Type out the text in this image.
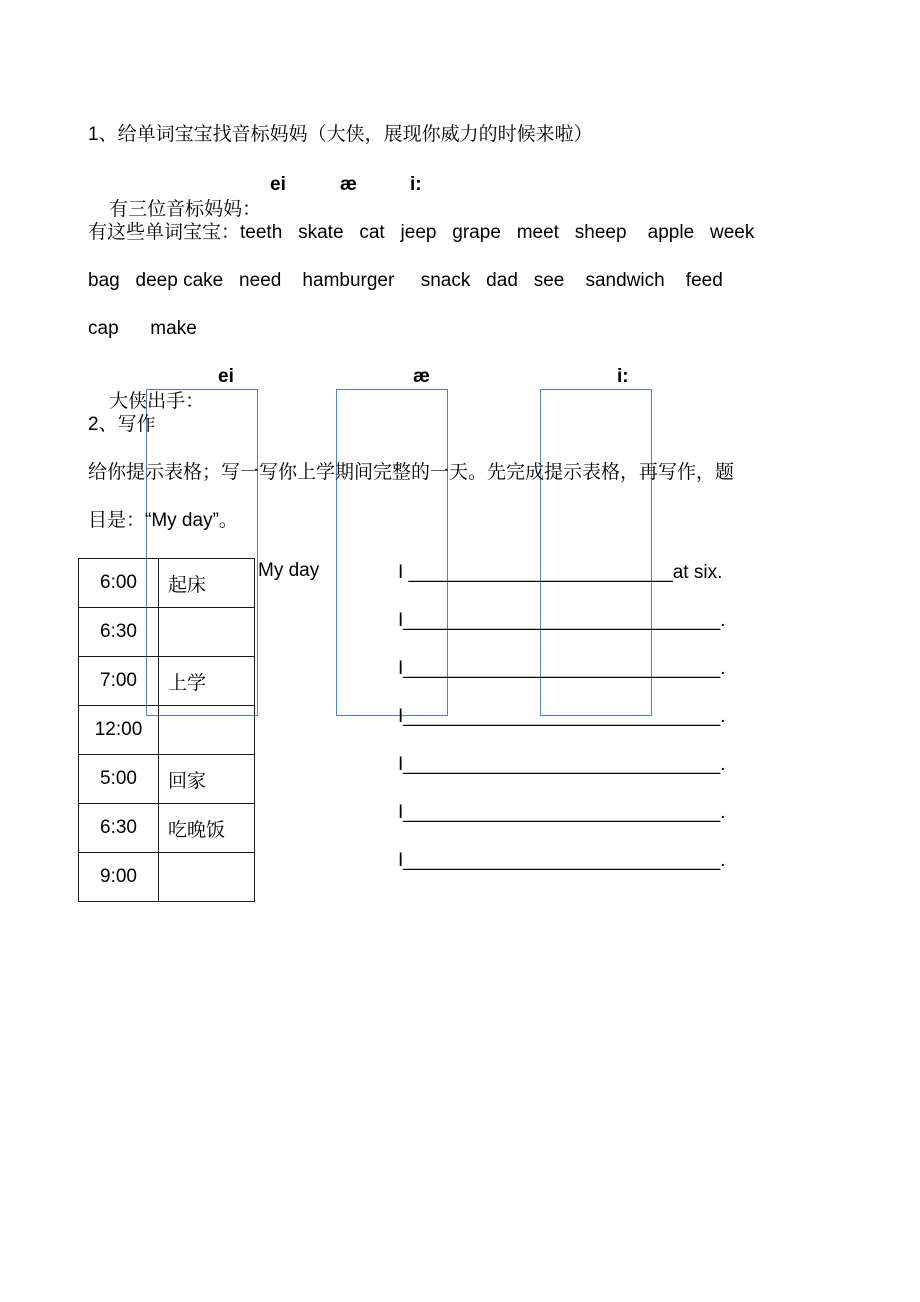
1、给单词宝宝找音标妈妈（大侠，展现你威力的时候来啦）

有三位音标妈妈：

ei

	æ

	i:

有这些单词宝宝：teeth   skate   cat   jeep   grape   meet   sheep    apple   week
bag   deep cake   need    hamburger     snack   dad   see    sandwich    feed
cap      make

大侠出手：

ei

	æ

	i:

2、写作
给你提示表格；写一写你上学期间完整的一天。先完成提示表格，再写作，题
目是：“My day”。
6:00	起床
6:30	
7:00	上学
12:00	
5:00	回家
6:30	吃晚饭
9:00	
My day	I _________________________at six.
I______________________________.
I______________________________.
I______________________________.
I______________________________.
I______________________________.
I______________________________.
